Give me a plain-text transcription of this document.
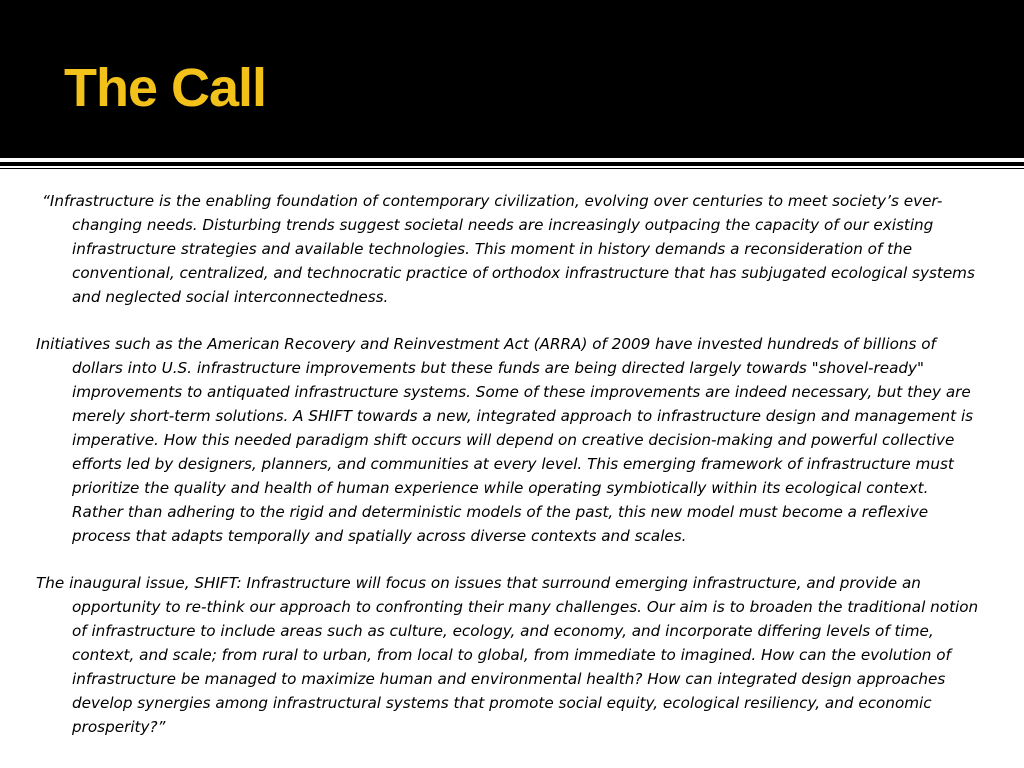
The Call

“Infrastructure is the enabling foundation of contemporary civilization, evolving over centuries to meet society’s ever-changing needs. Disturbing trends suggest societal needs are increasingly outpacing the capacity of our existing infrastructure strategies and available technologies. This moment in history demands a reconsideration of the conventional, centralized, and technocratic practice of orthodox infrastructure that has subjugated ecological systems and neglected social interconnectedness.

Initiatives such as the American Recovery and Reinvestment Act (ARRA) of 2009 have invested hundreds of billions of dollars into U.S. infrastructure improvements but these funds are being directed largely towards "shovel-ready" improvements to antiquated infrastructure systems. Some of these improvements are indeed necessary, but they are merely short-term solutions. A SHIFT towards a new, integrated approach to infrastructure design and management is imperative. How this needed paradigm shift occurs will depend on creative decision-making and powerful collective efforts led by designers, planners, and communities at every level. This emerging framework of infrastructure must prioritize the quality and health of human experience while operating symbiotically within its ecological context. Rather than adhering to the rigid and deterministic models of the past, this new model must become a reflexive process that adapts temporally and spatially across diverse contexts and scales.

The inaugural issue, SHIFT: Infrastructure will focus on issues that surround emerging infrastructure, and provide an opportunity to re-think our approach to confronting their many challenges. Our aim is to broaden the traditional notion of infrastructure to include areas such as culture, ecology, and economy, and incorporate differing levels of time, context, and scale; from rural to urban, from local to global, from immediate to imagined. How can the evolution of infrastructure be managed to maximize human and environmental health? How can integrated design approaches develop synergies among infrastructural systems that promote social equity, ecological resiliency, and economic prosperity?”
